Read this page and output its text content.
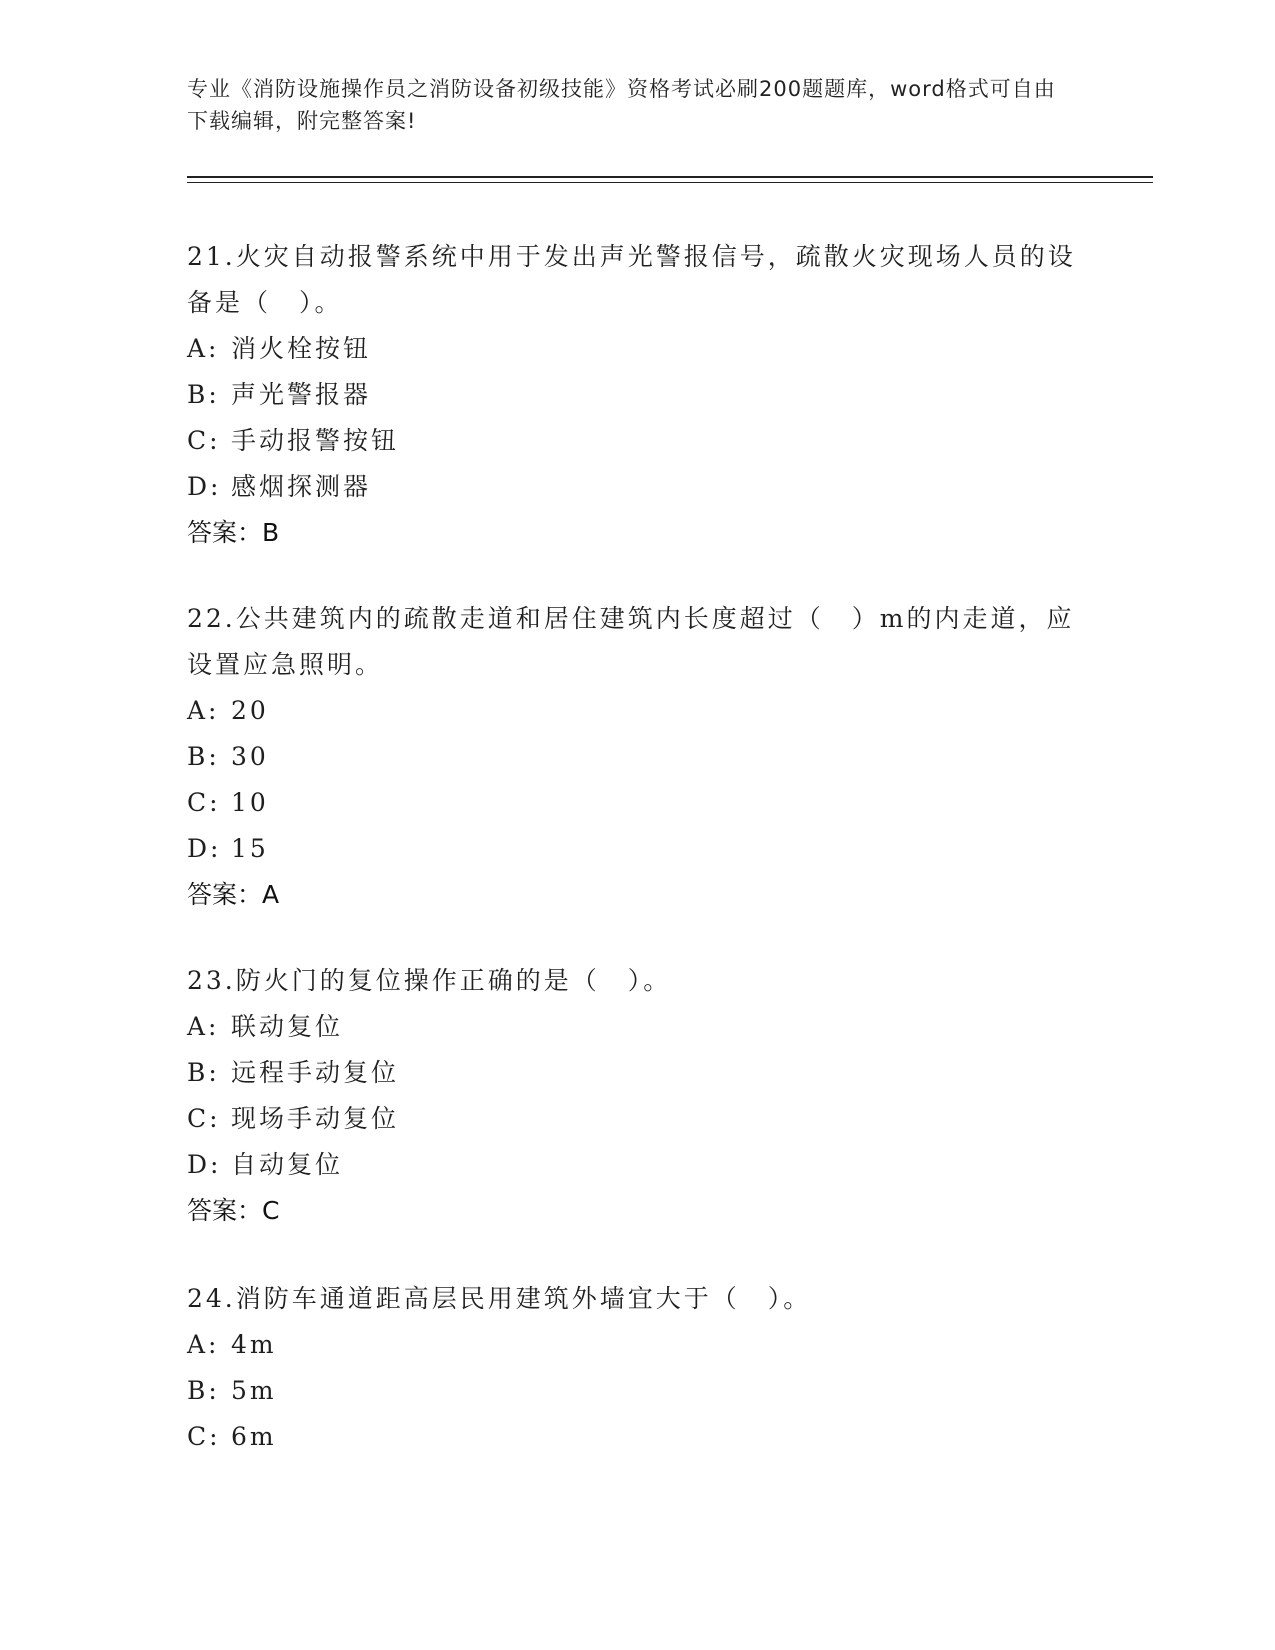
专业《消防设施操作员之消防设备初级技能》资格考试必刷200题题库，word格式可自由下载编辑，附完整答案!

21.火灾自动报警系统中用于发出声光警报信号，疏散火灾现场人员的设备是（　）。

A: 消火栓按钮

B: 声光警报器

C: 手动报警按钮

D: 感烟探测器

答案：B

22.公共建筑内的疏散走道和居住建筑内长度超过（　）m的内走道，应设置应急照明。

A: 20

B: 30

C: 10

D: 15

答案：A

23.防火门的复位操作正确的是（　）。

A: 联动复位

B: 远程手动复位

C: 现场手动复位

D: 自动复位

答案：C

24.消防车通道距高层民用建筑外墙宜大于（　）。

A: 4m

B: 5m

C: 6m
